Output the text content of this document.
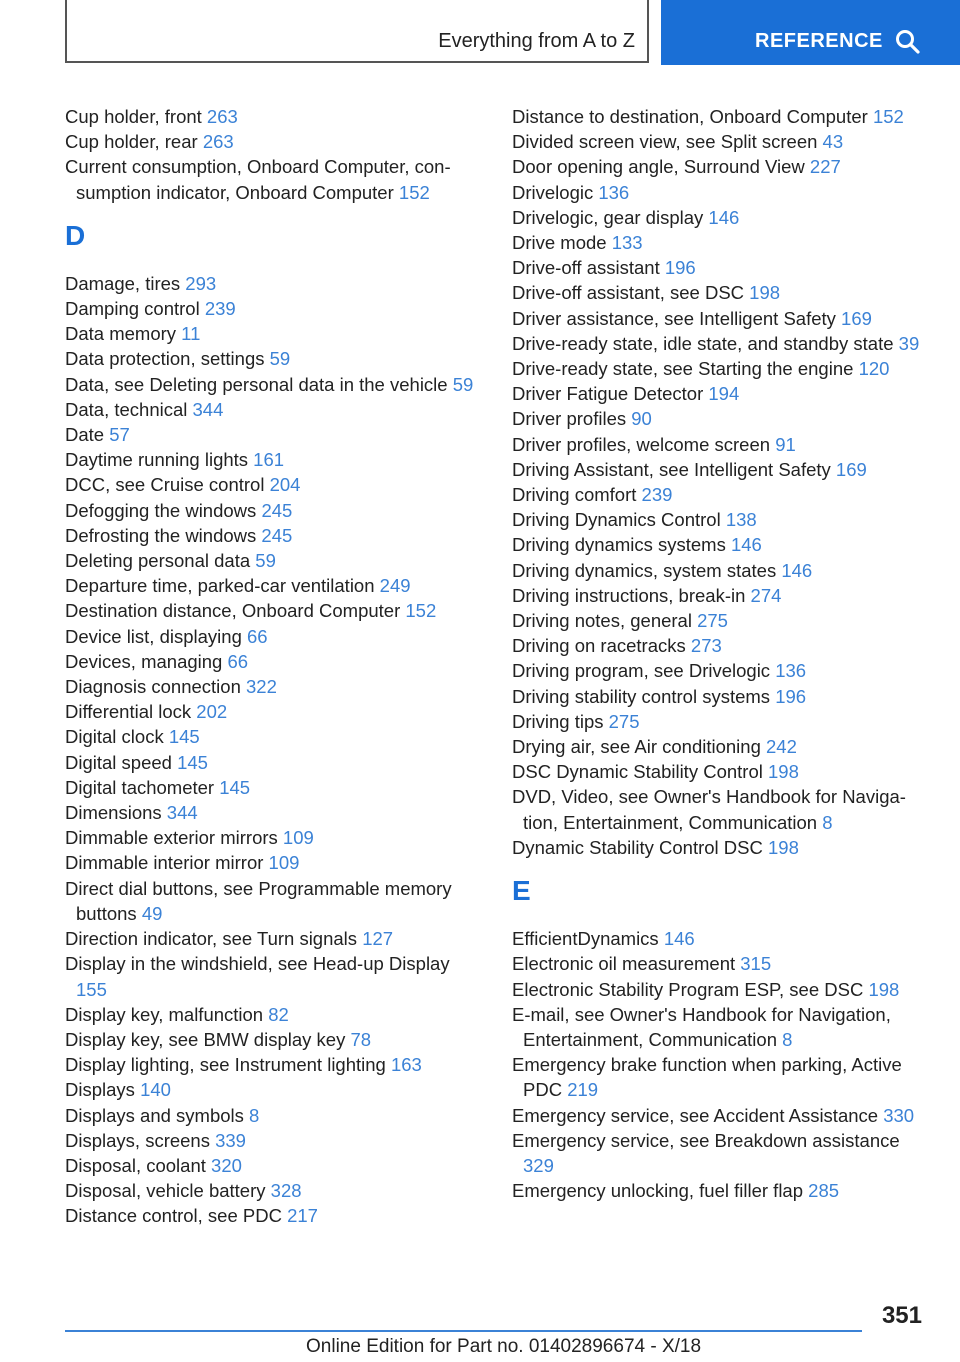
Everything from A to Z	REFERENCE
Cup holder, front 263
Cup holder, rear 263
Current consumption, Onboard Computer, consumption indicator, Onboard Computer 152
D
Damage, tires 293
Damping control 239
Data memory 11
Data protection, settings 59
Data, see Deleting personal data in the vehicle 59
Data, technical 344
Date 57
Daytime running lights 161
DCC, see Cruise control 204
Defogging the windows 245
Defrosting the windows 245
Deleting personal data 59
Departure time, parked-car ventilation 249
Destination distance, Onboard Computer 152
Device list, displaying 66
Devices, managing 66
Diagnosis connection 322
Differential lock 202
Digital clock 145
Digital speed 145
Digital tachometer 145
Dimensions 344
Dimmable exterior mirrors 109
Dimmable interior mirror 109
Direct dial buttons, see Programmable memory buttons 49
Direction indicator, see Turn signals 127
Display in the windshield, see Head-up Display 155
Display key, malfunction 82
Display key, see BMW display key 78
Display lighting, see Instrument lighting 163
Displays 140
Displays and symbols 8
Displays, screens 339
Disposal, coolant 320
Disposal, vehicle battery 328
Distance control, see PDC 217
Distance to destination, Onboard Computer 152
Divided screen view, see Split screen 43
Door opening angle, Surround View 227
Drivelogic 136
Drivelogic, gear display 146
Drive mode 133
Drive-off assistant 196
Drive-off assistant, see DSC 198
Driver assistance, see Intelligent Safety 169
Drive-ready state, idle state, and standby state 39
Drive-ready state, see Starting the engine 120
Driver Fatigue Detector 194
Driver profiles 90
Driver profiles, welcome screen 91
Driving Assistant, see Intelligent Safety 169
Driving comfort 239
Driving Dynamics Control 138
Driving dynamics systems 146
Driving dynamics, system states 146
Driving instructions, break-in 274
Driving notes, general 275
Driving on racetracks 273
Driving program, see Drivelogic 136
Driving stability control systems 196
Driving tips 275
Drying air, see Air conditioning 242
DSC Dynamic Stability Control 198
DVD, Video, see Owner's Handbook for Navigation, Entertainment, Communication 8
Dynamic Stability Control DSC 198
E
EfficientDynamics 146
Electronic oil measurement 315
Electronic Stability Program ESP, see DSC 198
E-mail, see Owner's Handbook for Navigation, Entertainment, Communication 8
Emergency brake function when parking, Active PDC 219
Emergency service, see Accident Assistance 330
Emergency service, see Breakdown assistance 329
Emergency unlocking, fuel filler flap 285
351
Online Edition for Part no. 01402896674 - X/18
